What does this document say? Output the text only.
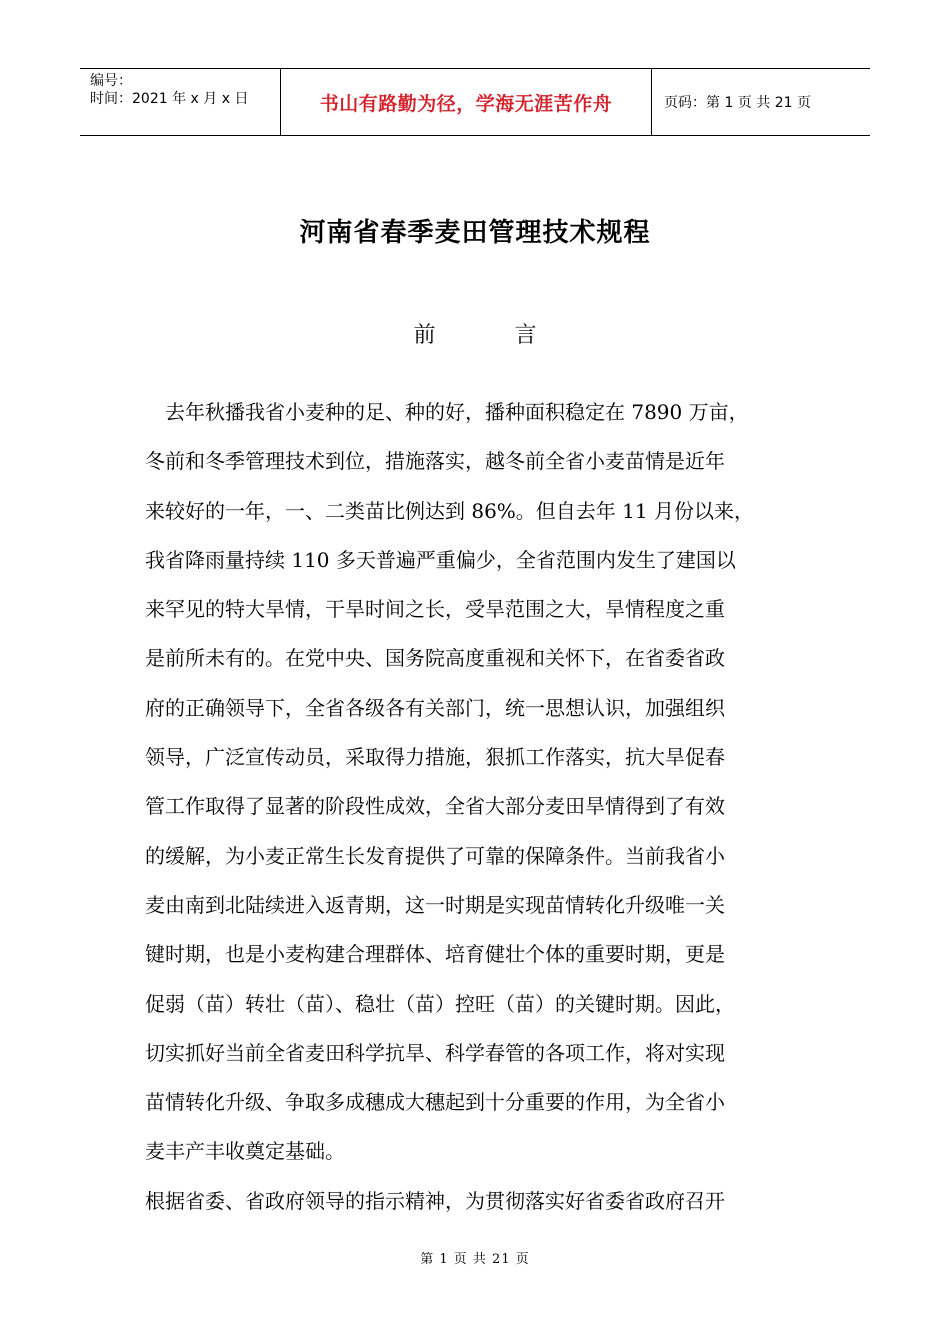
编号：
时间：2021 年 x 月 x 日	书山有路勤为径，学海无涯苦作舟	页码：第 1 页 共 21 页
河南省春季麦田管理技术规程
前 言
　去年秋播我省小麦种的足、种的好，播种面积稳定在 7890 万亩，
冬前和冬季管理技术到位，措施落实，越冬前全省小麦苗情是近年
来较好的一年，一、二类苗比例达到 86%。但自去年 11 月份以来，
我省降雨量持续 110 多天普遍严重偏少，全省范围内发生了建国以
来罕见的特大旱情，干旱时间之长，受旱范围之大，旱情程度之重
是前所未有的。在党中央、国务院高度重视和关怀下，在省委省政
府的正确领导下，全省各级各有关部门，统一思想认识，加强组织
领导，广泛宣传动员，采取得力措施，狠抓工作落实，抗大旱促春
管工作取得了显著的阶段性成效，全省大部分麦田旱情得到了有效
的缓解，为小麦正常生长发育提供了可靠的保障条件。当前我省小
麦由南到北陆续进入返青期，这一时期是实现苗情转化升级唯一关
键时期，也是小麦构建合理群体、培育健壮个体的重要时期，更是
促弱（苗）转壮（苗）、稳壮（苗）控旺（苗）的关键时期。因此，
切实抓好当前全省麦田科学抗旱、科学春管的各项工作，将对实现
苗情转化升级、争取多成穗成大穗起到十分重要的作用，为全省小
麦丰产丰收奠定基础。
根据省委、省政府领导的指示精神，为贯彻落实好省委省政府召开
第 1 页 共 21 页
